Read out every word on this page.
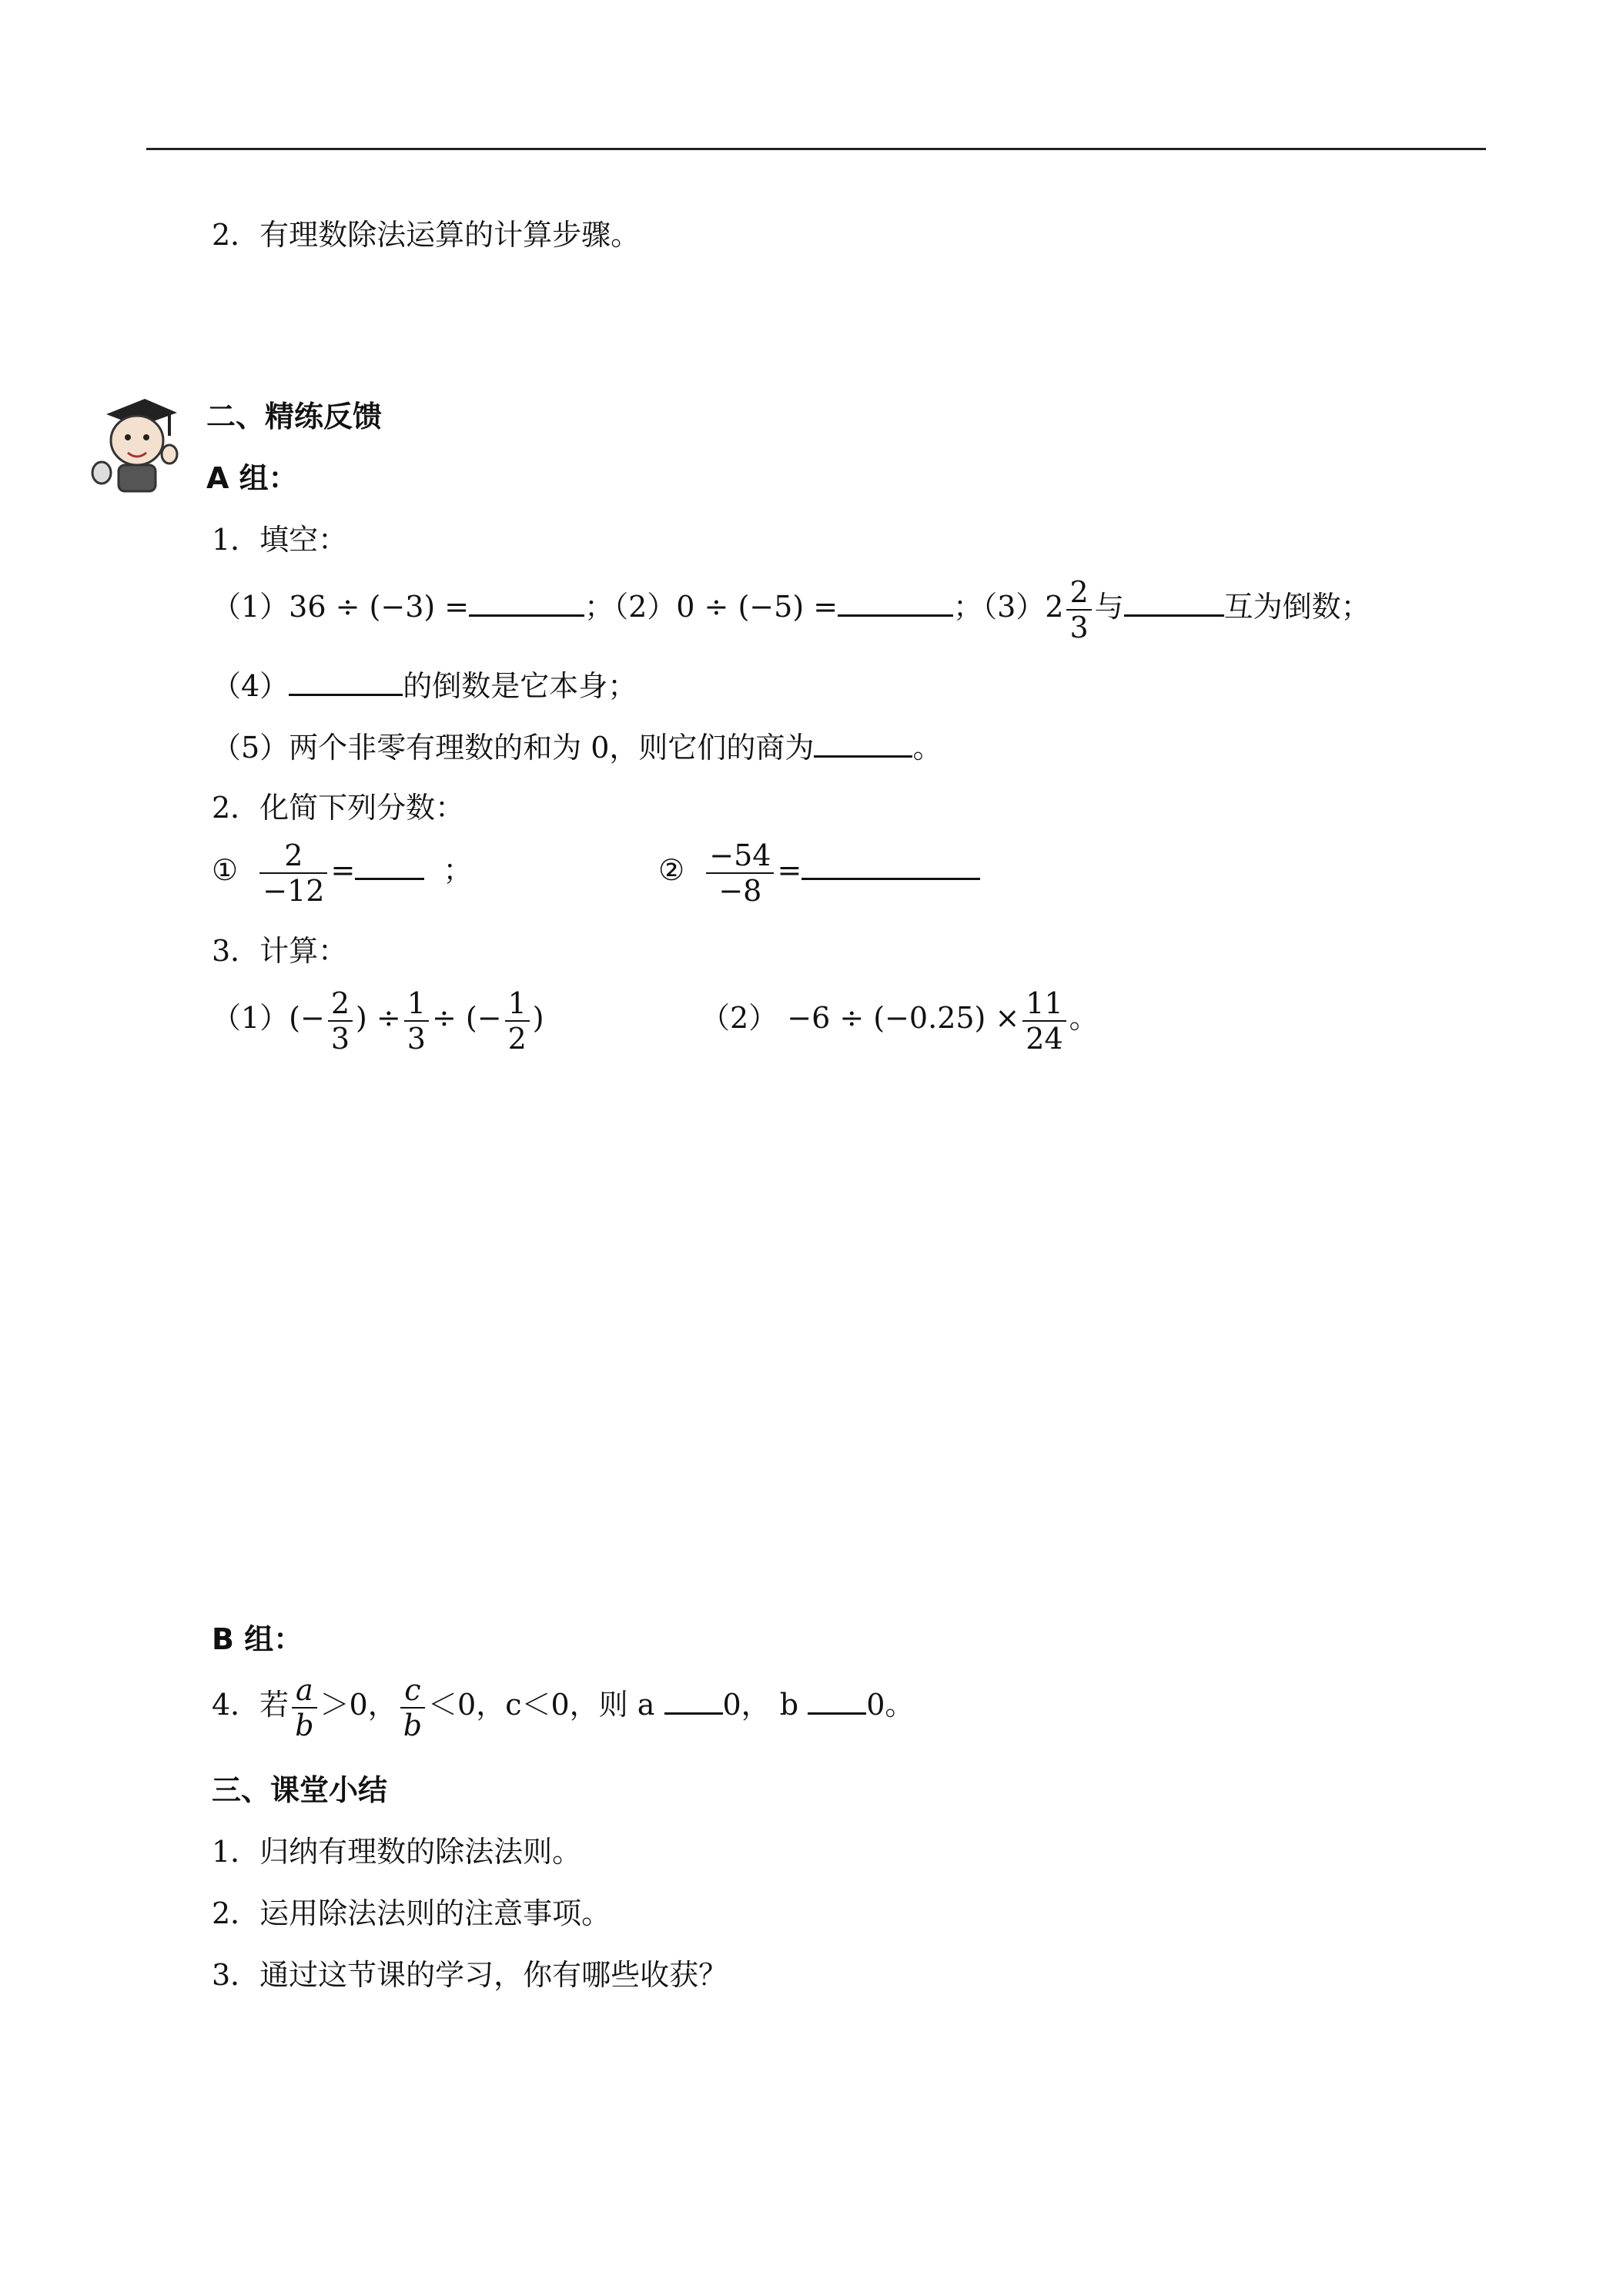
2．有理数除法运算的计算步骤。
二、精练反馈
A 组：
1．填空：
（1）36 ÷ (−3) =	；（2）0 ÷ (−5) =	；$(3)2 \frac{2}{3}$ 与	互为倒数；
（4）	的倒数是它本身；
（5）两个非零有理数的和为 0，则它们的商为	。
2．化简下列分数：
① $\frac{2}{-12}$ =	；	② $\frac{-54}{-8}$ =
3．计算：
$(1)(- \frac{2}{3}$ ) ÷ $\frac{1}{3}$ ÷ (− $\frac{1}{2}$ )	$(2) -6 \div (-0.25) \times \frac{11}{24}$ 。
B 组：
4．若 $\frac{a}{b} >0$， $\frac{c}{b} <0$，c＜0，则 a 0， b 0。
三、课堂小结
1．归纳有理数的除法法则。
2．运用除法法则的注意事项。
3．通过这节课的学习，你有哪些收获？
